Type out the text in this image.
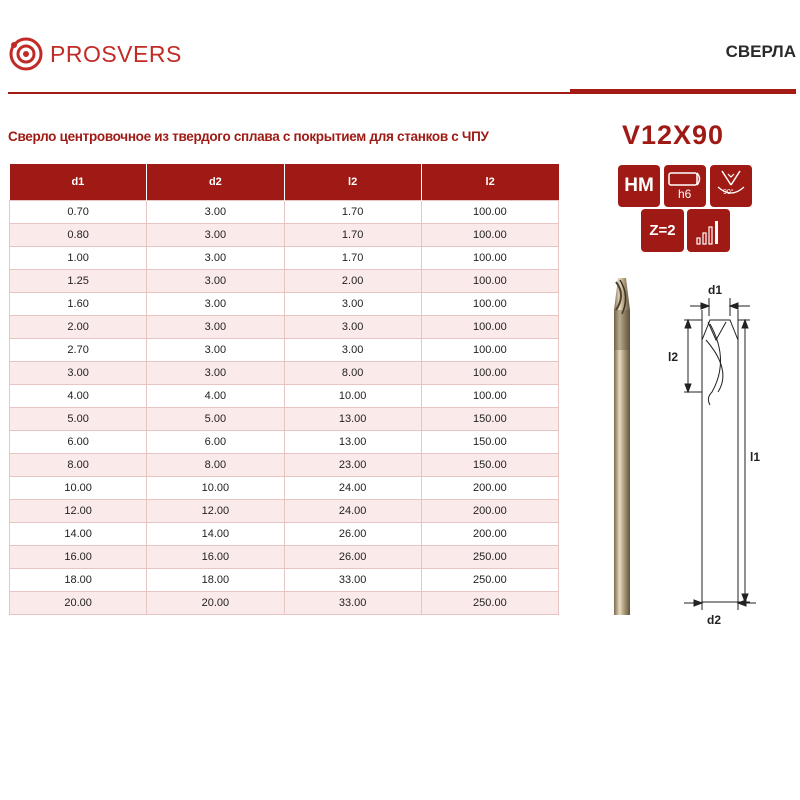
PROSVERS	СВЕРЛА
Сверло центровочное из твердого сплава с покрытием для станков с ЧПУ	V12X90
d1	d2	l2	l2
0.70	3.00	1.70	100.00
0.80	3.00	1.70	100.00
1.00	3.00	1.70	100.00
1.25	3.00	2.00	100.00
1.60	3.00	3.00	100.00
2.00	3.00	3.00	100.00
2.70	3.00	3.00	100.00
3.00	3.00	8.00	100.00
4.00	4.00	10.00	100.00
5.00	5.00	13.00	150.00
6.00	6.00	13.00	150.00
8.00	8.00	23.00	150.00
10.00	10.00	24.00	200.00
12.00	12.00	24.00	200.00
14.00	14.00	26.00	200.00
16.00	16.00	26.00	250.00
18.00	18.00	33.00	250.00
20.00	20.00	33.00	250.00
HM h6	90°
Z=2
d1
l2
l1
d2
